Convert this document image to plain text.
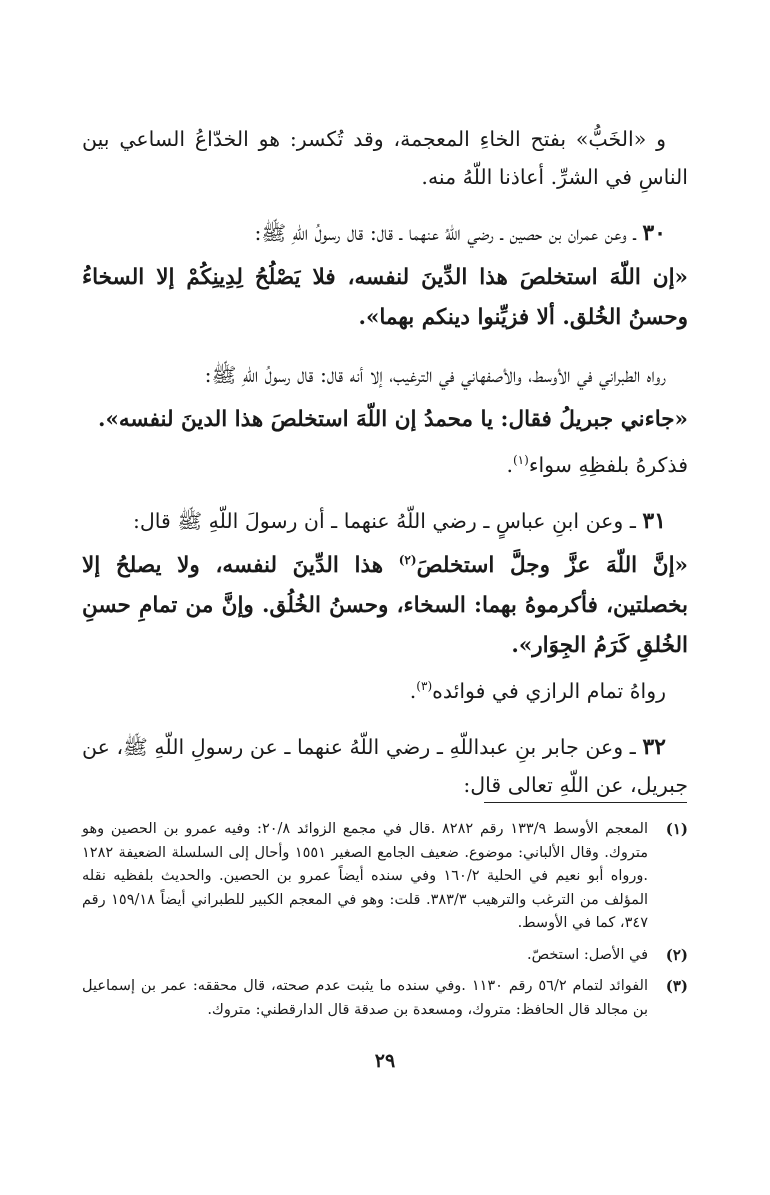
و «الخَبُّ» بفتح الخاءِ المعجمة، وقد تُكسر: هو الخدّاعُ الساعي بين الناسِ في الشرِّ. أعاذنا اللّهُ منه.

٣٠ ـ وعن عمران بن حصين ـ رضي اللّهُ عنهما ـ قال: قال رسولُ اللّهِ ﷺ:

«إن اللّهَ استخلصَ هذا الدِّينَ لنفسه، فلا يَصْلُحُ لِدِينِكُمْ إلا السخاءُ وحسنُ الخُلق. ألا فزيِّنوا دينكم بهما».

رواه الطبراني في الأوسط، والأصفهاني في الترغيب، إلا أنه قال: قال رسولُ اللّهِ ﷺ:

«جاءني جبريلُ فقال: يا محمدُ إن اللّهَ استخلصَ هذا الدينَ لنفسه».

فذكرهُ بلفظِهِ سواء$^{(١)}$.

٣١ ـ وعن ابنِ عباسٍ ـ رضي اللّهُ عنهما ـ أن رسولَ اللّهِ ﷺ قال:

«إنَّ اللّهَ عزَّ وجلَّ استخلصَ$^{(٢)}$ هذا الدِّينَ لنفسه، ولا يصلحُ إلا بخصلتين، فأكرموهُ بهما: السخاء، وحسنُ الخُلُق. وإنَّ من تمامِ حسنِ الخُلقِ كَرَمُ الجِوَار».

رواهُ تمام الرازي في فوائده$^{(٣)}$.

٣٢ ـ وعن جابر بنِ عبداللّهِ ـ رضي اللّهُ عنهما ـ عن رسولِ اللّهِ ﷺ، عن جبريل، عن اللّهِ تعالى قال:

(١)
المعجم الأوسط ١٣٣/٩ رقم ٨٢٨٢ .قال في مجمع الزوائد ٢٠/٨: وفيه عمرو بن الحصين وهو متروك. وقال الألباني: موضوع. ضعيف الجامع الصغير ١٥٥١ وأحال إلى السلسلة الضعيفة ١٢٨٢ .ورواه أبو نعيم في الحلية ١٦٠/٢ وفي سنده أيضاً عمرو بن الحصين. والحديث بلفظيه نقله المؤلف من الترغب والترهيب ٣٨٣/٣. قلت: وهو في المعجم الكبير للطبراني أيضاً ١٥٩/١٨ رقم ٣٤٧، كما في الأوسط.
(٢)
في الأصل: استخصّ.
(٣)
الفوائد لتمام ٥٦/٢ رقم ١١٣٠ .وفي سنده ما يثبت عدم صحته، قال محققه: عمر بن إسماعيل بن مجالد قال الحافظ: متروك، ومسعدة بن صدقة قال الدارقطني: متروك.
٢٩
